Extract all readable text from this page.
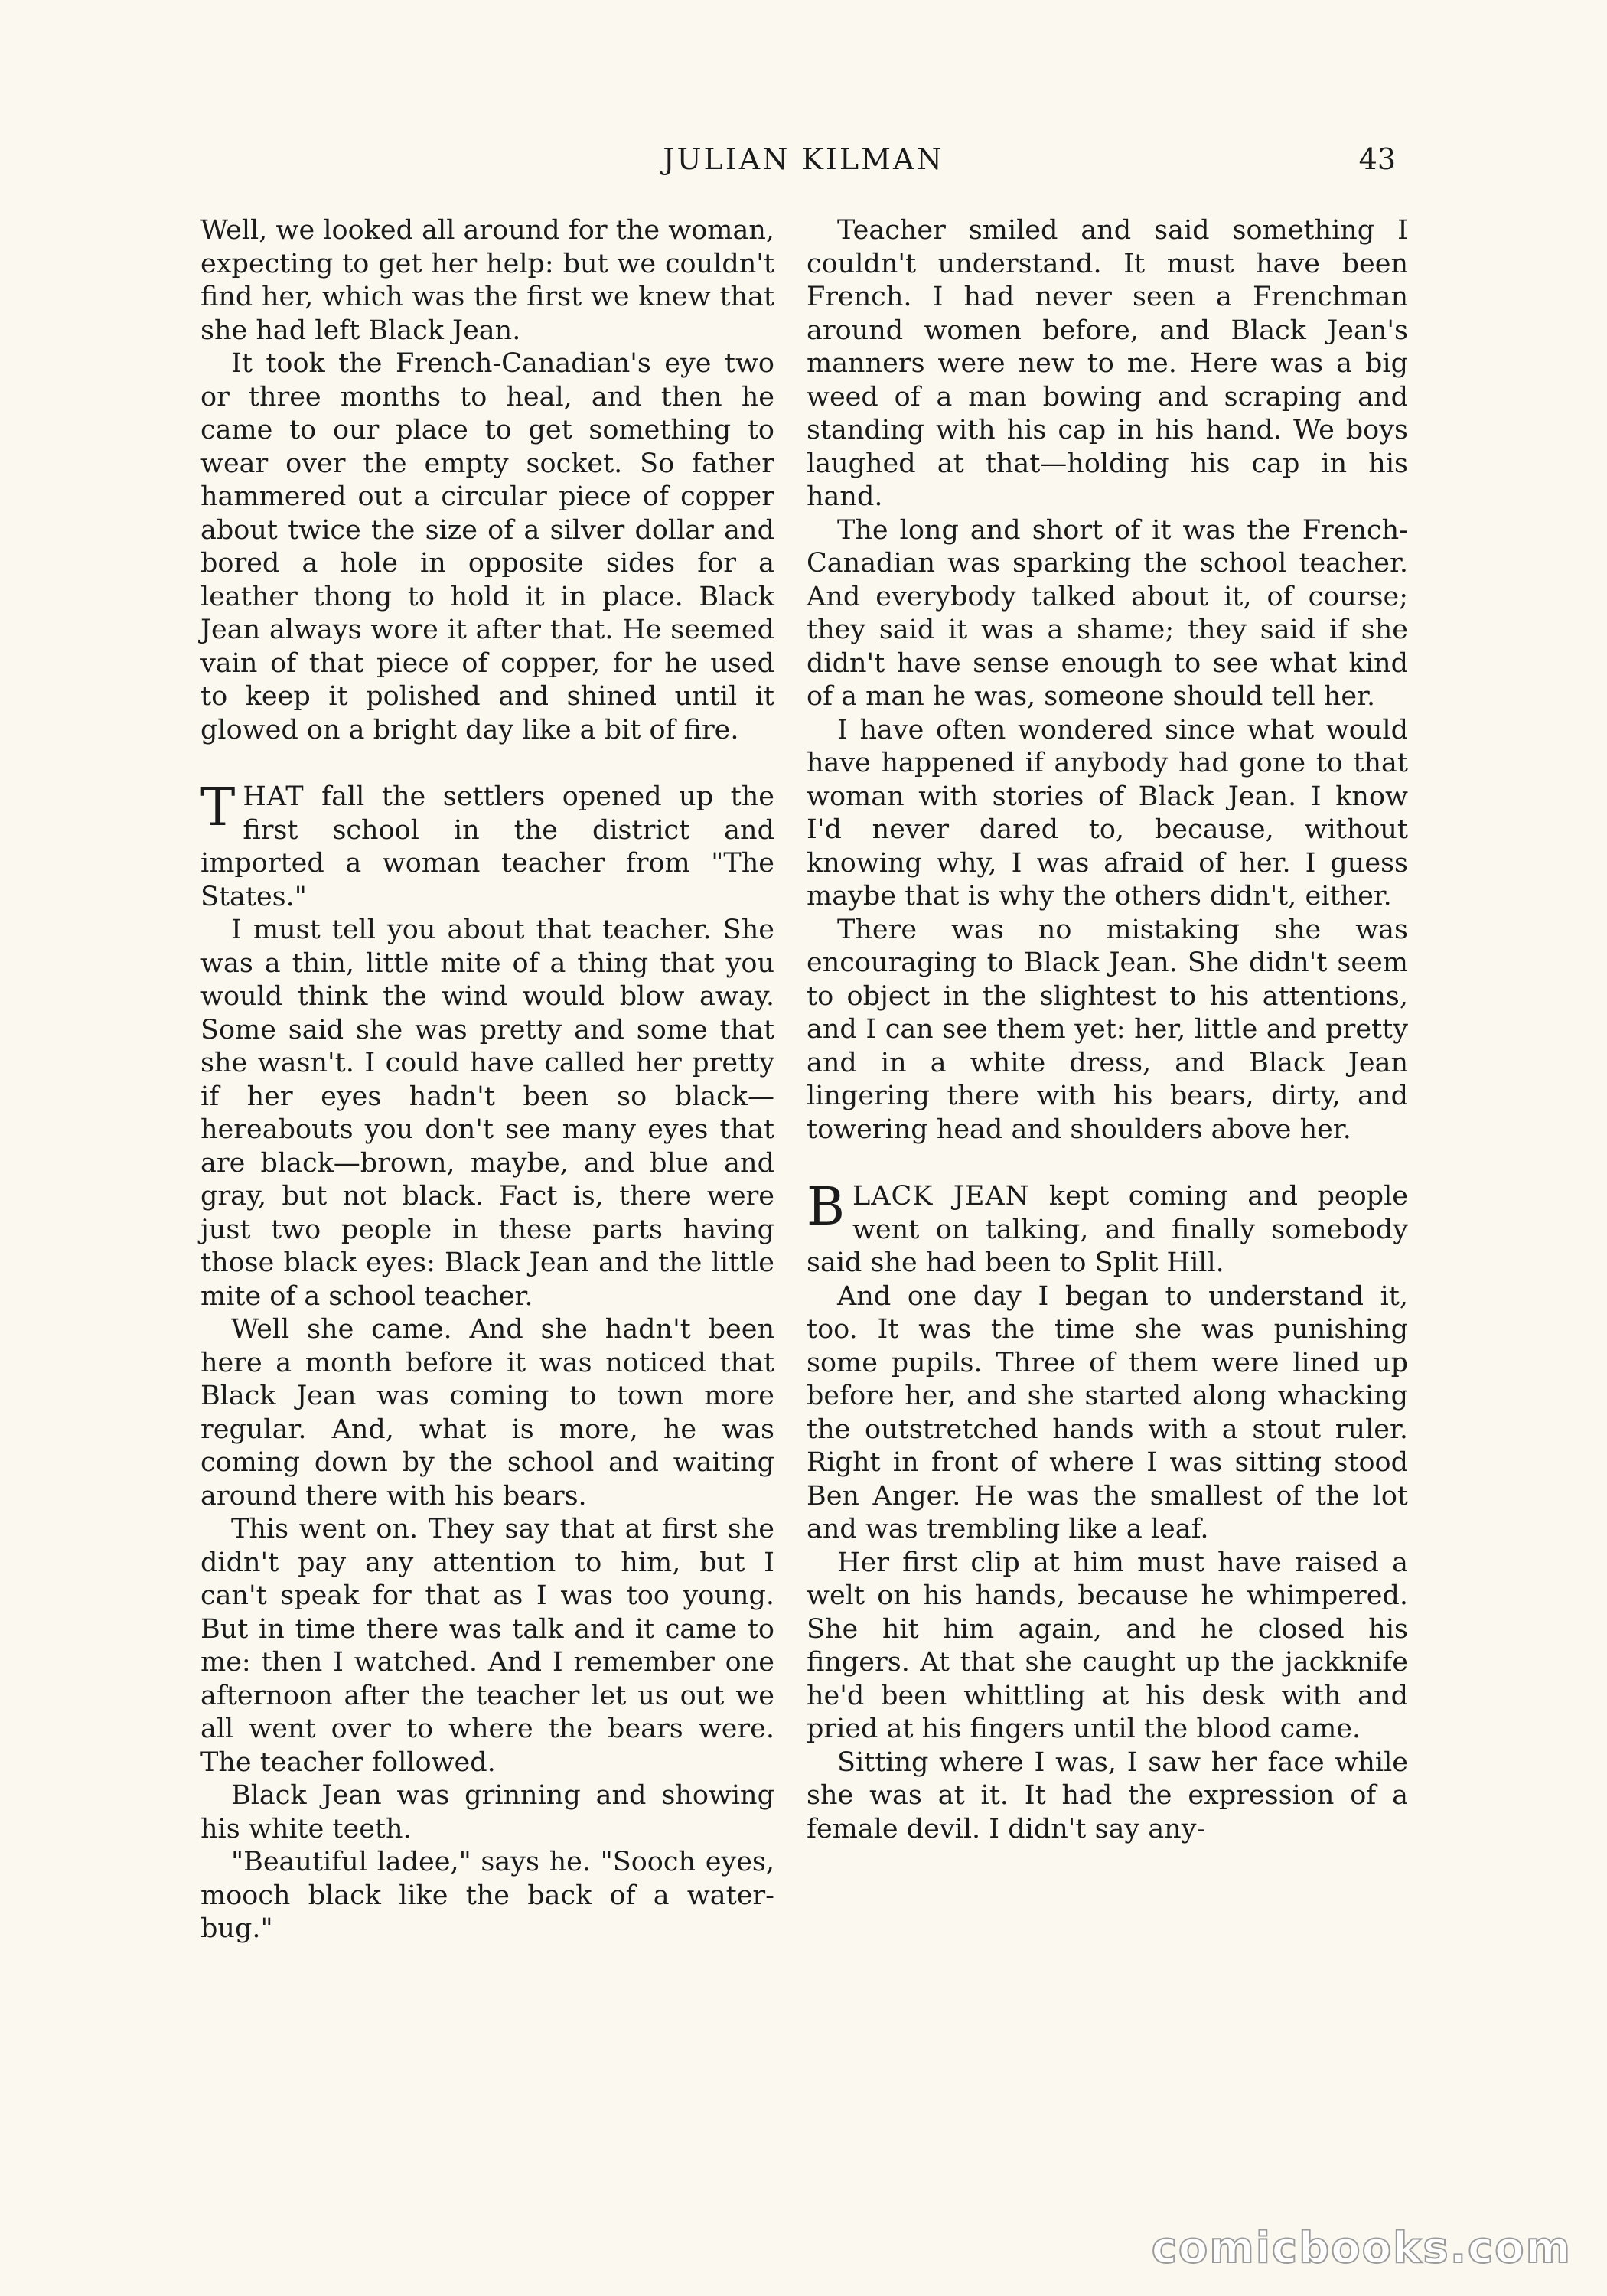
JULIAN KILMAN	43

Well, we looked all around for the woman, expecting to get her help: but we couldn't find her, which was the first we knew that she had left Black Jean.

It took the French-Canadian's eye two or three months to heal, and then he came to our place to get something to wear over the empty socket. So father hammered out a circular piece of copper about twice the size of a silver dollar and bored a hole in opposite sides for a leather thong to hold it in place. Black Jean always wore it after that. He seemed vain of that piece of copper, for he used to keep it polished and shined until it glowed on a bright day like a bit of fire.

THAT fall the settlers opened up the first school in the district and imported a woman teacher from "The States."

I must tell you about that teacher. She was a thin, little mite of a thing that you would think the wind would blow away. Some said she was pretty and some that she wasn't. I could have called her pretty if her eyes hadn't been so black—hereabouts you don't see many eyes that are black—brown, maybe, and blue and gray, but not black. Fact is, there were just two people in these parts having those black eyes: Black Jean and the little mite of a school teacher.

Well she came. And she hadn't been here a month before it was noticed that Black Jean was coming to town more regular. And, what is more, he was coming down by the school and waiting around there with his bears.

This went on. They say that at first she didn't pay any attention to him, but I can't speak for that as I was too young. But in time there was talk and it came to me: then I watched. And I remember one afternoon after the teacher let us out we all went over to where the bears were. The teacher followed.

Black Jean was grinning and showing his white teeth.

"Beautiful ladee," says he. "Sooch eyes, mooch black like the back of a water-bug."

Teacher smiled and said something I couldn't understand. It must have been French. I had never seen a Frenchman around women before, and Black Jean's manners were new to me. Here was a big weed of a man bowing and scraping and standing with his cap in his hand. We boys laughed at that—holding his cap in his hand.

The long and short of it was the French-Canadian was sparking the school teacher. And everybody talked about it, of course; they said it was a shame; they said if she didn't have sense enough to see what kind of a man he was, someone should tell her.

I have often wondered since what would have happened if anybody had gone to that woman with stories of Black Jean. I know I'd never dared to, because, without knowing why, I was afraid of her. I guess maybe that is why the others didn't, either.

There was no mistaking she was encouraging to Black Jean. She didn't seem to object in the slightest to his attentions, and I can see them yet: her, little and pretty and in a white dress, and Black Jean lingering there with his bears, dirty, and towering head and shoulders above her.

BLACK JEAN kept coming and people went on talking, and finally somebody said she had been to Split Hill.

And one day I began to understand it, too. It was the time she was punishing some pupils. Three of them were lined up before her, and she started along whacking the outstretched hands with a stout ruler. Right in front of where I was sitting stood Ben Anger. He was the smallest of the lot and was trembling like a leaf.

Her first clip at him must have raised a welt on his hands, because he whimpered. She hit him again, and he closed his fingers. At that she caught up the jackknife he'd been whittling at his desk with and pried at his fingers until the blood came.

Sitting where I was, I saw her face while she was at it. It had the expression of a female devil. I didn't say any-

comicbooks.com
